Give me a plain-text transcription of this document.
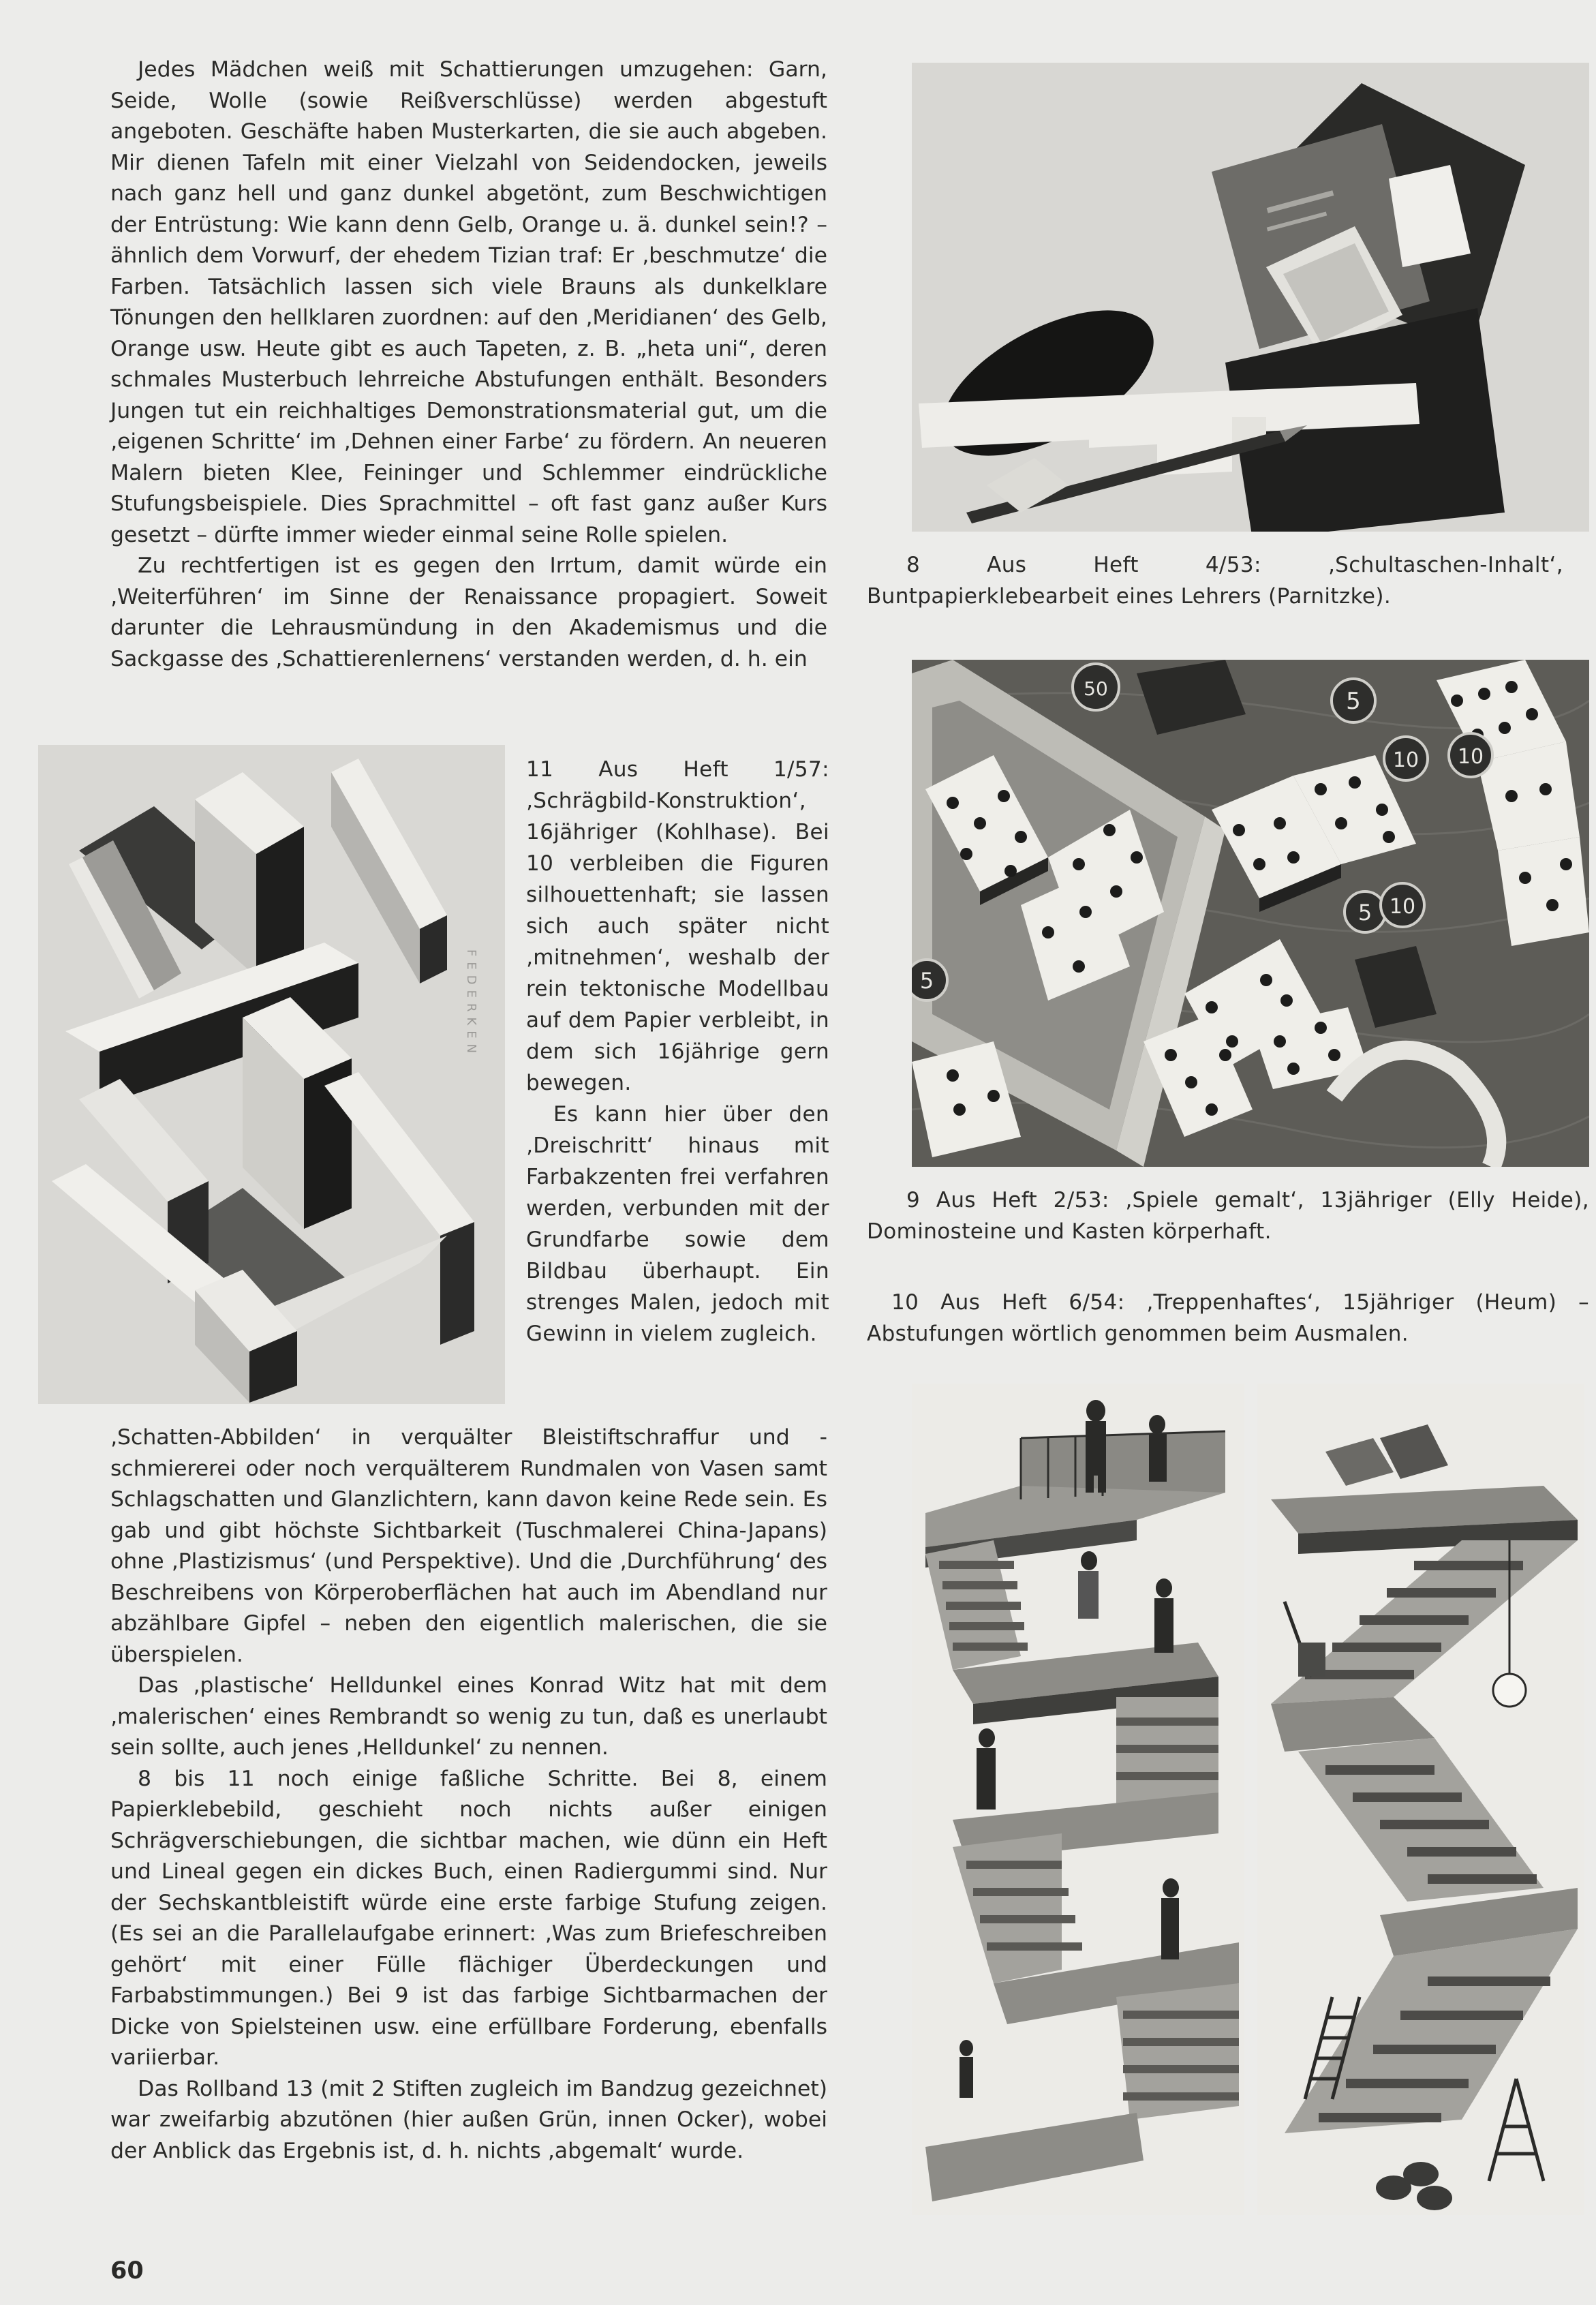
Jedes Mädchen weiß mit Schattierungen umzugehen: Garn, Seide, Wolle (sowie Reißverschlüsse) werden abgestuft angeboten. Geschäfte haben Musterkarten, die sie auch abgeben. Mir dienen Tafeln mit einer Vielzahl von Seidendocken, jeweils nach ganz hell und ganz dunkel abgetönt, zum Beschwichtigen der Entrüstung: Wie kann denn Gelb, Orange u. ä. dunkel sein!? – ähnlich dem Vorwurf, der ehedem Tizian traf: Er ‚beschmutze‘ die Farben. Tatsächlich lassen sich viele Brauns als dunkelklare Tönungen den hellklaren zuordnen: auf den ‚Meridianen‘ des Gelb, Orange usw. Heute gibt es auch Tapeten, z. B. „heta uni“, deren schmales Musterbuch lehrreiche Abstufungen enthält. Besonders Jungen tut ein reichhaltiges Demonstrationsmaterial gut, um die ‚eigenen Schritte‘ im ‚Dehnen einer Farbe‘ zu fördern. An neueren Malern bieten Klee, Feininger und Schlemmer eindrückliche Stufungsbeispiele. Dies Sprachmittel – oft fast ganz außer Kurs gesetzt – dürfte immer wieder einmal seine Rolle spielen.

Zu rechtfertigen ist es gegen den Irrtum, damit würde ein ‚Weiterführen‘ im Sinne der Renaissance propagiert. Soweit darunter die Lehrausmündung in den Akademismus und die Sackgasse des ‚Schattierenlernens‘ verstanden werden, d. h. ein

FEDERKEN

11 Aus Heft 1/57: ‚Schrägbild-Konstruktion‘, 16jähriger (Kohlhase). Bei 10 verbleiben die Figuren silhouettenhaft; sie lassen sich auch später nicht ‚mitnehmen‘, weshalb der rein tektonische Modellbau auf dem Papier verbleibt, in dem sich 16jährige gern bewegen.

Es kann hier über den ‚Dreischritt‘ hinaus mit Farbakzenten frei verfahren werden, verbunden mit der Grundfarbe sowie dem Bildbau überhaupt. Ein strenges Malen, jedoch mit Gewinn in vielem zugleich.

‚Schatten-Abbilden‘ in verquälter Bleistiftschraffur und -schmiererei oder noch verquälterem Rundmalen von Vasen samt Schlagschatten und Glanzlichtern, kann davon keine Rede sein. Es gab und gibt höchste Sichtbarkeit (Tuschmalerei China-Japans) ohne ‚Plastizismus‘ (und Perspektive). Und die ‚Durchführung‘ des Beschreibens von Körperoberflächen hat auch im Abendland nur abzählbare Gipfel – neben den eigentlich malerischen, die sie überspielen.

Das ‚plastische‘ Helldunkel eines Konrad Witz hat mit dem ‚malerischen‘ eines Rembrandt so wenig zu tun, daß es unerlaubt sein sollte, auch jenes ‚Helldunkel‘ zu nennen.

8 bis 11 noch einige faßliche Schritte. Bei 8, einem Papierklebebild, geschieht noch nichts außer einigen Schrägverschiebungen, die sichtbar machen, wie dünn ein Heft und Lineal gegen ein dickes Buch, einen Radiergummi sind. Nur der Sechskantbleistift würde eine erste farbige Stufung zeigen. (Es sei an die Parallelaufgabe erinnert: ‚Was zum Briefeschreiben gehört‘ mit einer Fülle flächiger Überdeckungen und Farbabstimmungen.) Bei 9 ist das farbige Sichtbarmachen der Dicke von Spielsteinen usw. eine erfüllbare Forderung, ebenfalls variierbar.

Das Rollband 13 (mit 2 Stiften zugleich im Bandzug gezeichnet) war zweifarbig abzutönen (hier außen Grün, innen Ocker), wobei der Anblick das Ergebnis ist, d. h. nichts ‚abgemalt‘ wurde.

8 Aus Heft 4/53: ‚Schultaschen-Inhalt‘, Buntpapierklebearbeit eines Lehrers (Parnitzke).

5
10
50
5 10
5
10

9 Aus Heft 2/53: ‚Spiele gemalt‘, 13jähriger (Elly Heide), Dominosteine und Kasten körperhaft.

10 Aus Heft 6/54: ‚Treppenhaftes‘, 15jähriger (Heum) – Abstufungen wörtlich genommen beim Ausmalen.

60
